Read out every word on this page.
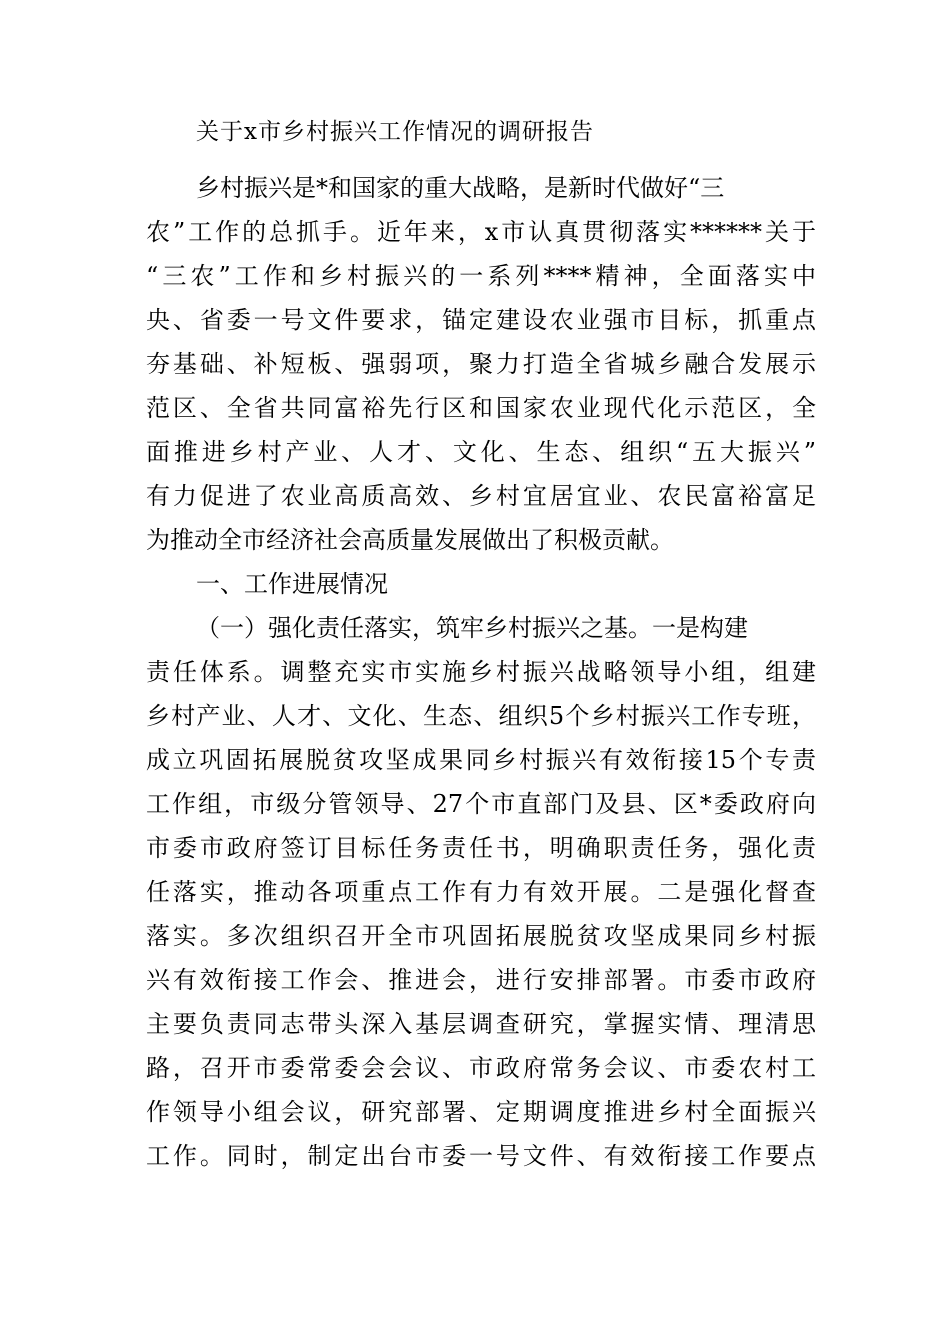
关于x市乡村振兴工作情况的调研报告
乡村振兴是*和国家的重大战略，是新时代做好“三
农”工作的总抓手。近年来，x市认真贯彻落实******关于
“三农”工作和乡村振兴的一系列****精神，全面落实中
央、省委一号文件要求，锚定建设农业强市目标，抓重点
夯基础、补短板、强弱项，聚力打造全省城乡融合发展示
范区、全省共同富裕先行区和国家农业现代化示范区，全
面推进乡村产业、人才、文化、生态、组织“五大振兴”
有力促进了农业高质高效、乡村宜居宜业、农民富裕富足
为推动全市经济社会高质量发展做出了积极贡献。
一、工作进展情况
（一）强化责任落实，筑牢乡村振兴之基。一是构建
责任体系。调整充实市实施乡村振兴战略领导小组，组建
乡村产业、人才、文化、生态、组织5个乡村振兴工作专班，
成立巩固拓展脱贫攻坚成果同乡村振兴有效衔接15个专责
工作组，市级分管领导、27个市直部门及县、区*委政府向
市委市政府签订目标任务责任书，明确职责任务，强化责
任落实，推动各项重点工作有力有效开展。二是强化督查
落实。多次组织召开全市巩固拓展脱贫攻坚成果同乡村振
兴有效衔接工作会、推进会，进行安排部署。市委市政府
主要负责同志带头深入基层调查研究，掌握实情、理清思
路，召开市委常委会会议、市政府常务会议、市委农村工
作领导小组会议，研究部署、定期调度推进乡村全面振兴
工作。同时，制定出台市委一号文件、有效衔接工作要点
